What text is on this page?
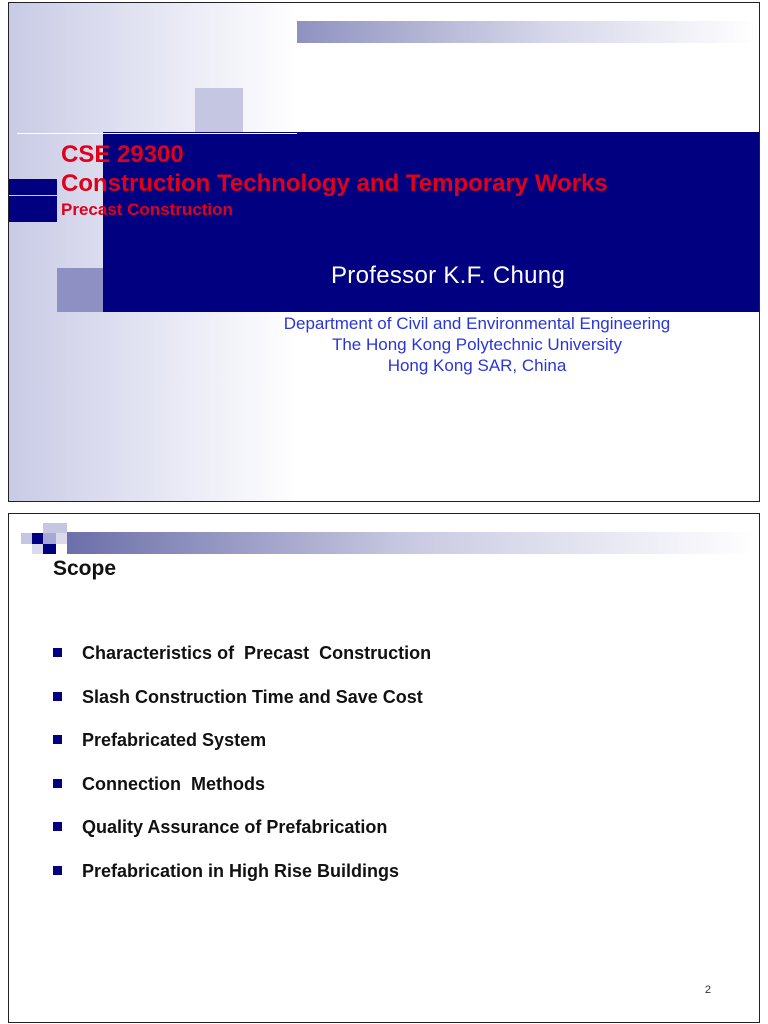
CSE 29300
Construction Technology and Temporary Works
Precast Construction
Professor K.F. Chung
Department of Civil and Environmental Engineering
The Hong Kong Polytechnic University
Hong Kong SAR, China
Scope
Characteristics of  Precast  Construction
Slash Construction Time and Save Cost
Prefabricated System
Connection  Methods
Quality Assurance of Prefabrication
Prefabrication in High Rise Buildings
2
